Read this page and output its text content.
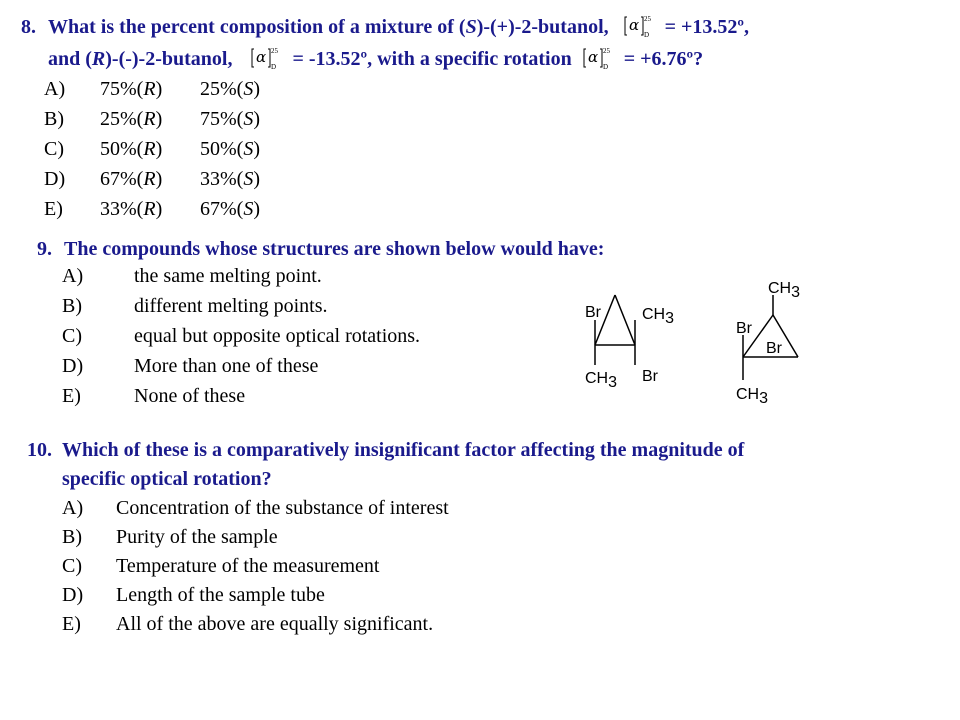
8. What is the percent composition of a mixture of (S)-(+)-2-butanol, α 25
D = +13.52º,
and (R)-(-)-2-butanol, α 25
D = -13.52º, with a specific rotation α 25
D = +6.76º?
A) 75%(R) 25%(S)
B) 25%(R) 75%(S)
C) 50%(R) 50%(S)
D) 67%(R) 33%(S)
E) 33%(R) 67%(S)
9. The compounds whose structures are shown below would have:
A)	the same melting point.
B)	different melting points.
C)	equal but opposite optical rotations.
D)	More than one of these
E)	None of these
Br	CH3
CH3 Br
CH3
Br
Br
CH3
10. Which of these is a comparatively insignificant factor affecting the magnitude of
specific optical rotation?
A) Concentration of the substance of interest
B) Purity of the sample
C) Temperature of the measurement
D) Length of the sample tube
E) All of the above are equally significant.
